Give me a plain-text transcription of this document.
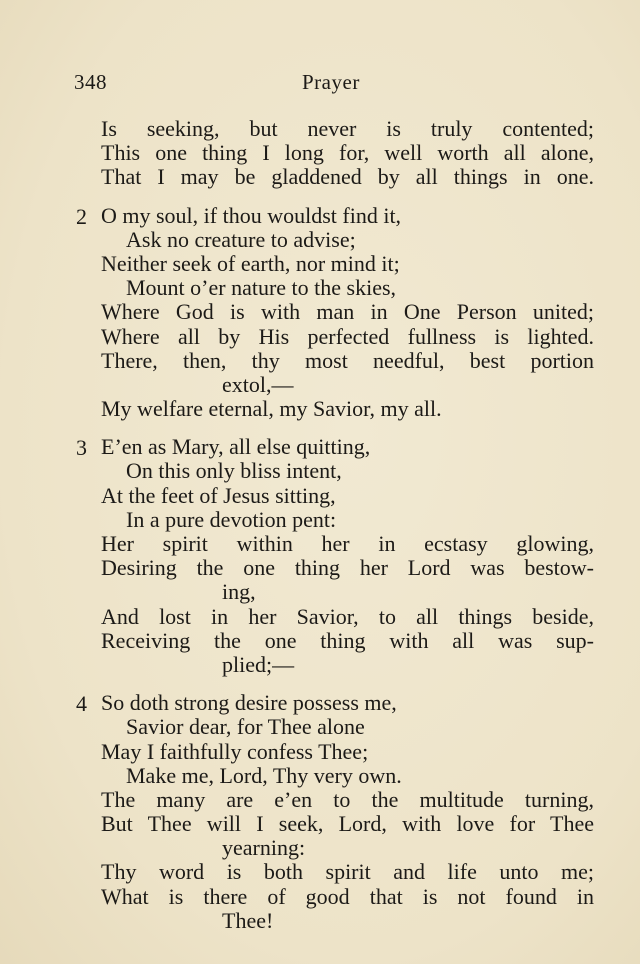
348	Prayer
Is seeking, but never is truly contented;
This one thing I long for, well worth all alone,
That I may be gladdened by all things in one.
2 O my soul, if thou wouldst find it,
Ask no creature to advise;
Neither seek of earth, nor mind it;
Mount o’er nature to the skies,
Where God is with man in One Person united;
Where all by His perfected fullness is lighted.
There, then, thy most needful, best portion
extol,—
My welfare eternal, my Savior, my all.
3 E’en as Mary, all else quitting,
On this only bliss intent,
At the feet of Jesus sitting,
In a pure devotion pent:
Her spirit within her in ecstasy glowing,
Desiring the one thing her Lord was bestow-
ing,
And lost in her Savior, to all things beside,
Receiving the one thing with all was sup-
plied;—
4 So doth strong desire possess me,
Savior dear, for Thee alone
May I faithfully confess Thee;
Make me, Lord, Thy very own.
The many are e’en to the multitude turning,
But Thee will I seek, Lord, with love for Thee
yearning:
Thy word is both spirit and life unto me;
What is there of good that is not found in
Thee!
